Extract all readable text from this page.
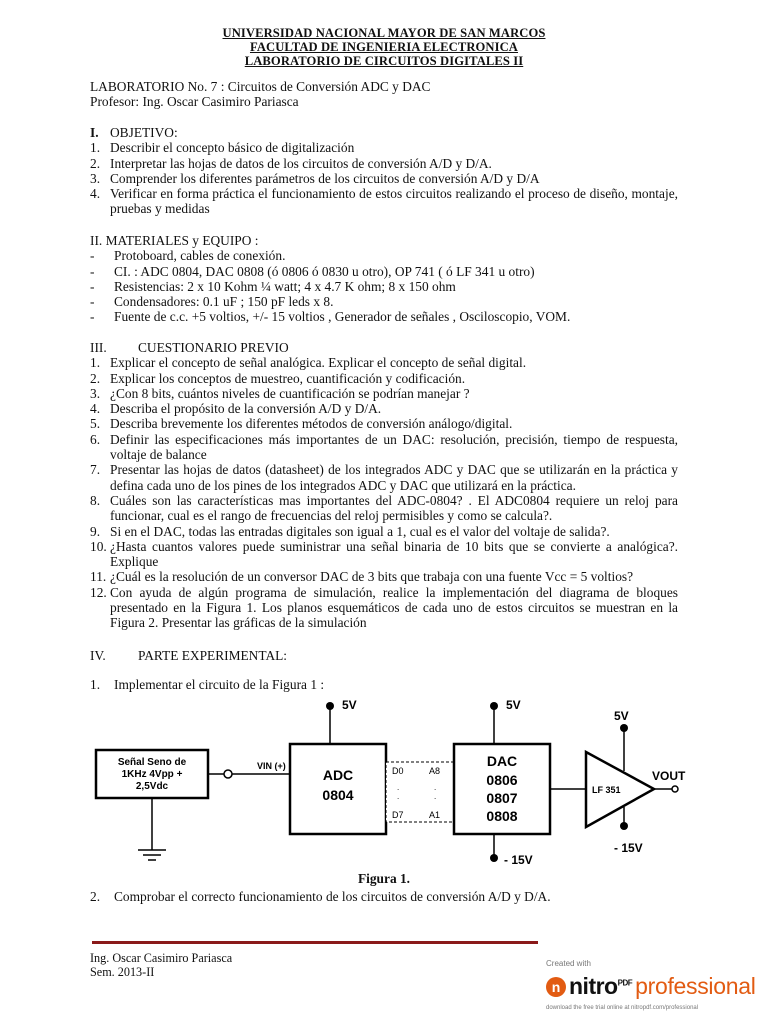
UNIVERSIDAD NACIONAL MAYOR DE SAN MARCOS
FACULTAD DE INGENIERIA ELECTRONICA
LABORATORIO DE CIRCUITOS DIGITALES II
LABORATORIO No. 7 : Circuitos de Conversión ADC y DAC
Profesor: Ing. Oscar Casimiro Pariasca
I. OBJETIVO:
1. Describir el concepto básico de digitalización
2. Interpretar las hojas de datos de los circuitos de conversión A/D y D/A.
3. Comprender los diferentes parámetros de los circuitos de conversión A/D y D/A
4. Verificar en forma práctica el funcionamiento de estos circuitos realizando el proceso de diseño, montaje, pruebas y medidas
II. MATERIALES y EQUIPO :
-	Protoboard, cables de conexión.
-	CI. : ADC 0804, DAC 0808 (ó 0806 ó 0830 u otro), OP 741 ( ó LF 341 u otro)
-	Resistencias: 2 x 10 Kohm ¼ watt; 4 x 4.7 K ohm; 8 x 150 ohm
-	Condensadores: 0.1 uF ; 150 pF leds x 8.
-	Fuente de c.c. +5 voltios, +/- 15 voltios , Generador de señales , Osciloscopio, VOM.
III.	CUESTIONARIO PREVIO
1. Explicar el concepto de señal analógica. Explicar el concepto de señal digital.
2. Explicar los conceptos de muestreo, cuantificación y codificación.
3. ¿Con 8 bits, cuántos niveles de cuantificación se podrían manejar ?
4. Describa el propósito de la conversión A/D y D/A.
5. Describa brevemente los diferentes métodos de conversión análogo/digital.
6. Definir las especificaciones más importantes de un DAC: resolución, precisión, tiempo de respuesta, voltaje de balance
7. Presentar las hojas de datos (datasheet) de los integrados ADC y DAC que se utilizarán en la práctica y defina cada uno de los pines de los integrados ADC y DAC que utilizará en la práctica.
8. Cuáles son las características mas importantes del ADC-0804? . El ADC0804 requiere un reloj para funcionar, cual es el rango de frecuencias del reloj permisibles y como se calcula?.
9. Si en el DAC, todas las entradas digitales son igual a 1, cual es el valor del voltaje de salida?.
10. ¿Hasta cuantos valores puede suministrar una señal binaria de 10 bits que se convierte a analógica?. Explique
11. ¿Cuál es la resolución de un conversor DAC de 3 bits que trabaja con una fuente Vcc = 5 voltios?
12. Con ayuda de algún programa de simulación, realice la implementación del diagrama de bloques presentado en la Figura 1. Los planos esquemáticos de cada uno de estos circuitos se muestran en la Figura 2. Presentar las gráficas de la simulación
IV.	PARTE EXPERIMENTAL:
1.	Implementar el circuito de la Figura 1 :
Señal Seno de
1KHz 4Vpp +
2,5Vdc
VIN (+)
ADC
0804
5V
D0
D7
A8
A1
.
.
.
.
DAC
0806
0807
0808
5V
- 15V
LF 351
5V
- 15V
VOUT
Figura 1.
2.	Comprobar el correcto funcionamiento de los circuitos de conversión A/D y D/A.
Ing. Oscar Casimiro Pariasca
Sem. 2013-II
Created with
n nitro$^{PDF}$ professional
download the free trial online at nitropdf.com/professional
